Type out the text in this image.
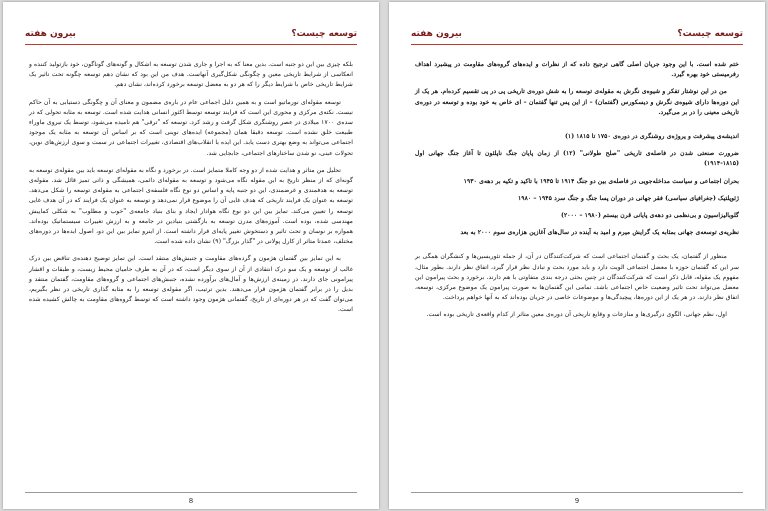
توسعه چیست؟
بیرون هفته

بلکه چیزی بین این دو جنبه است. بدین معنا که به اجرا و جاری شدن توسعه به اشکال و گونه‌های گوناگون، خود بازتولید کننده و انعکاسی از شرایط تاریخی معین و چگونگی شکل‌گیری آنهاست. هدف من این بود که نشان دهم توسعه چگونه تحت تاثیر یک شرایط تاریخی خاص با شرایط دیگر را که هر دو به معضل توسعه برخورد کرده‌اند، نشان دهم.

توسعه مقوله‌ای نورماتیو است و به همین دلیل اجماعی عام در باره‌ی مضمون و معنای آن و چگونگی دستیابی به آن حاکم نیست. نکته‌ی مرکزی و محوری این است که فرایند توسعه توسط اکثور انسانی هدایت شده است. توسعه به مثابه تحولی که در سده‌ی ۱۷۰۰ میلادی در عصر روشنگری شکل گرفت و رشد کرد. توسعه که "ترقی" هم نامیده می‌شود، توسط یک نیروی ماوراء طبیعت خلق نشده است. توسعه دقیقا همان (مجموعه) ایده‌های نوینی است که بر اساس آن توسعه به مثابه یک موجود اجتماعی می‌تواند به وضع بهتری دست یابد. این ایده با انقلاب‌های اقتصادی، تغییرات اجتماعی در سمت و سوی ارزش‌های نوین، تحولات عینی، نو شدن ساختارهای اجتماعی، جابجایی شد.

تحلیل من متاثر و هدایت شده از دو وجه کاملا متمایز است. در برخورد و نگاه به مقوله‌ای توسعه باید بین مقوله‌ی توسعه به گونه‌ای که از منظر تاریخ به این مقوله نگاه می‌شود و توسعه به مقوله‌ای دائمی، همیشگی و ذاتی تمیز قائل شد. مقوله‌ی توسعه به ‌هدفمندی و غرضمندی، این دو جنبه پایه و اساس دو نوع نگاه فلسفه‌ی اجتماعی به مقوله‌ی توسعه را شکل می‌دهد. توسعه به عنوان یک فرایند تاریخی که هدف غایی آن را موضوع قرار نمی‌دهد و توسعه به عنوان یک فرایند که در آن هدف غایی توسعه را تعیین می‌کند. تمایز بین این دو نوع نگاه هوادار ایجاد و بنای بنیاد جامعه‌ی "خوب و مطلوب" به شکلی کماییش مهندسی شده، بوده است. آموزه‌های مدرن توسعه به بازگشتی بنیادین در جامعه و به ارزش تغییرات سیستماتیک بوده‌اند. همواره بر نوسان و تحت تاثیر و دستخوش تغییر پایه‌ای قرار داشته است. از اینرو تمایز بین این دو، اصول ایده‌ها در دوره‌های مختلف، عمدتا متاثر از کارل پولانی در "گذار بزرگ" (۹) نشان داده شده است.

به این تمایز بین گفتمان هژمون و گرده‌های مقاومت و جنبش‌های منتقد است. این تمایز توضیح دهنده‌ی تناقض بین درک غالب از توسعه و یک سو درک انتقادی از آن از سوی دیگر است، که در آن به طرف حامیان محیط زیست، و طبقات و اقشار پیرامونی جای دارند. در زمینه‌ی ارزش‌ها و آمال‌های برآورده نشده، جنبش‌های اجتماعی و گروه‌های مقاومت، گفتمان منتقد و بدیل را در برابر گفتمان هژمون قرار می‌دهند. بدین ترتیب، اگر مقوله‌ی توسعه را به مثابه گذاری تاریخی در نظر بگیریم، می‌توان گفت که در هر دوره‌ای از تاریخ، گفتمانی هژمون وجود داشته است که توسط گروه‌های مقاومت به چالش کشیده شده است.

8
توسعه چیست؟
بیرون هفته

ختم شده است. با این وجود جریان اصلی گاهی ترجیح داده که از نظرات و ایده‌های گروه‌های مقاومت در پیشبرد اهداف رفرمیستی خود بهره گیرد.

من در این نوشتار تفکر و شیوه‌ی نگرش به مقوله‌ی توسعه را به شش دوره‌ی تاریخی پی در پی تقسیم کرده‌ام. هر یک از این دوره‌ها دارای شیوه‌ی نگرش و دیسکورس (گفتمان) – از این پس تنها گفتمان – ای خاص به خود بوده و توسعه در دوره‌ی تاریخی معینی را در بر می‌گیرد.

اندیشه‌ی پیشرفت و پروژه‌ی روشنگری در دوره‌ی ۱۷۵۰ تا ۱۸۱۵ (۱)

ضرورت صنعتی شدن در فاصله‌ی تاریخی "صلح طولانی" (۱۲) از زمان پایان جنگ ناپلئون تا آغاز جنگ جهانی اول (۱۸۱۵-۱۹۱۴)

بحران اجتماعی و سیاست مداخله‌جویی در فاصله‌ی بین دو جنگ ۱۹۱۴ تا ۱۹۴۵ با تاکید و تکیه بر دهه‌ی ۱۹۳۰

ژئوپلتیک (جغرافیای سیاسی) فقر جهانی در دوران پسا جنگ و جنگ سرد ۱۹۴۵ – ۱۹۸۰

گلوبالیزاسیون و بی‌نظمی دو دهه‌ی پایانی قرن بیستم (۱۹۸۰ – ۲۰۰۰)

نظریه‌ی توسعه‌ی جهانی بمثابه یک گرایش میرم و امید به آینده در سال‌های آغازین هزاره‌ی سوم ۲۰۰۰ به بعد

منظور از گفتمان، یک بحث و گفتمان اجتماعی است که شرکت‌کنندگان در آن، از جمله تئوریسین‌ها و کنشگران همگی بر سر این که گفتمان حوزه با معضل اجتماعی الویت دارد و باید مورد بحث و تبادل نظر قرار گیرد، اتفاق نظر دارند. بطور مثال، مفهوم یک مقوله، قابل ذکر است که شرکت‌کنندگان در چنین بحثی درجه بندی متفاوتی با هم دارند. برخورد و بحث پیرامون این معضل می‌تواند تحت تاثیر وضعیت خاص اجتماعی باشد. تمامی این گفتمان‌ها به صورت پیرامون یک موضوع مرکزی، توسعه، اتفاق نظر دارند. در هر یک از این دوره‌ها، پیچیدگی‌ها و موضوعات خاصی در جریان بوده‌اند که به آنها خواهم پرداخت.

اول، نظم جهانی، الگوی درگیری‌ها و منازعات و وقایع تاریخی آن دوره‌ی معین متاثر از کدام واقعه‌ی تاریخی بوده است.

9
